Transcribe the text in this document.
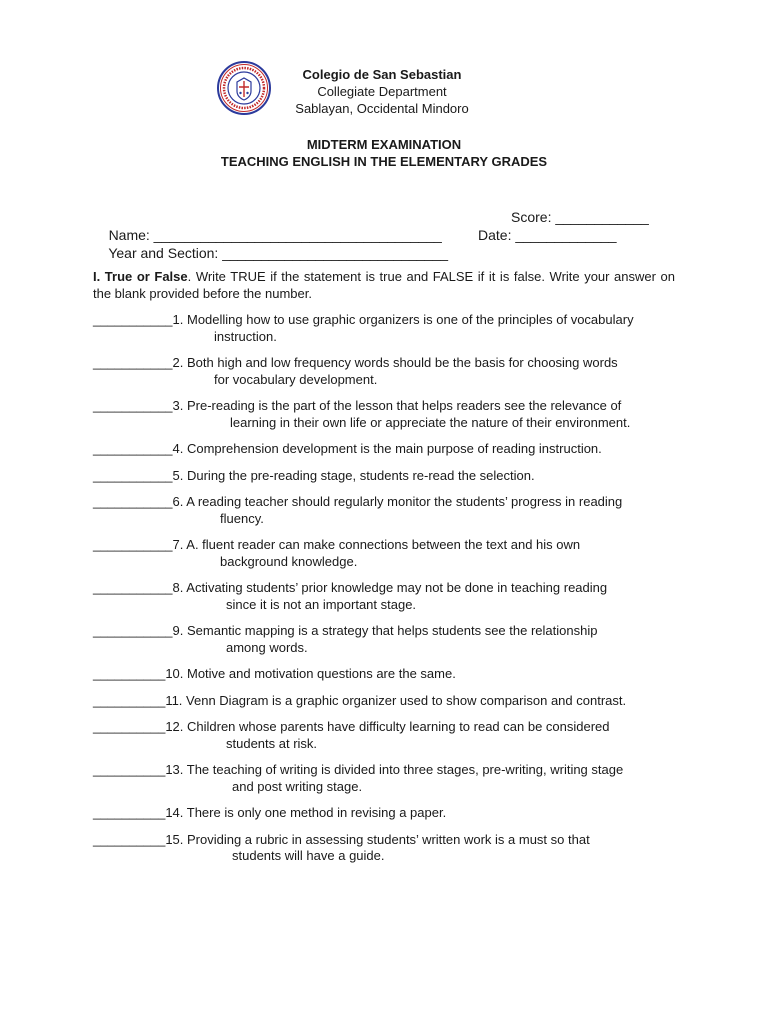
Colegio de San Sebastian
Collegiate Department
Sablayan, Occidental Mindoro
MIDTERM EXAMINATION
TEACHING ENGLISH IN THE ELEMENTARY GRADES

Name: _____________________________________

Score: ____________

Year and Section: _____________________________

Date: _____________

I. True or False. Write TRUE if the statement is true and FALSE if it is false. Write your answer on the blank provided before the number.
___________1. Modelling how to use graphic organizers is one of the principles of vocabulary
instruction.
___________2. Both high and low frequency words should be the basis for choosing words
for vocabulary development.
___________3. Pre-reading is the part of the lesson that helps readers see the relevance of
learning in their own life or appreciate the nature of their environment.
___________4. Comprehension development is the main purpose of reading instruction.
___________5. During the pre-reading stage, students re-read the selection.
___________6. A reading teacher should regularly monitor the students’ progress in reading
fluency.
___________7. A. fluent reader can make connections between the text and his own
background knowledge.
___________8. Activating students’ prior knowledge may not be done in teaching reading
since it is not an important stage.
___________9. Semantic mapping is a strategy that helps students see the relationship
among words.
__________10. Motive and motivation questions are the same.
__________11. Venn Diagram is a graphic organizer used to show comparison and contrast.
__________12. Children whose parents have difficulty learning to read can be considered
students at risk.
__________13. The teaching of writing is divided into three stages, pre-writing, writing stage
and post writing stage.
__________14. There is only one method in revising a paper.
__________15. Providing a rubric in assessing students’ written work is a must so that
students will have a guide.
